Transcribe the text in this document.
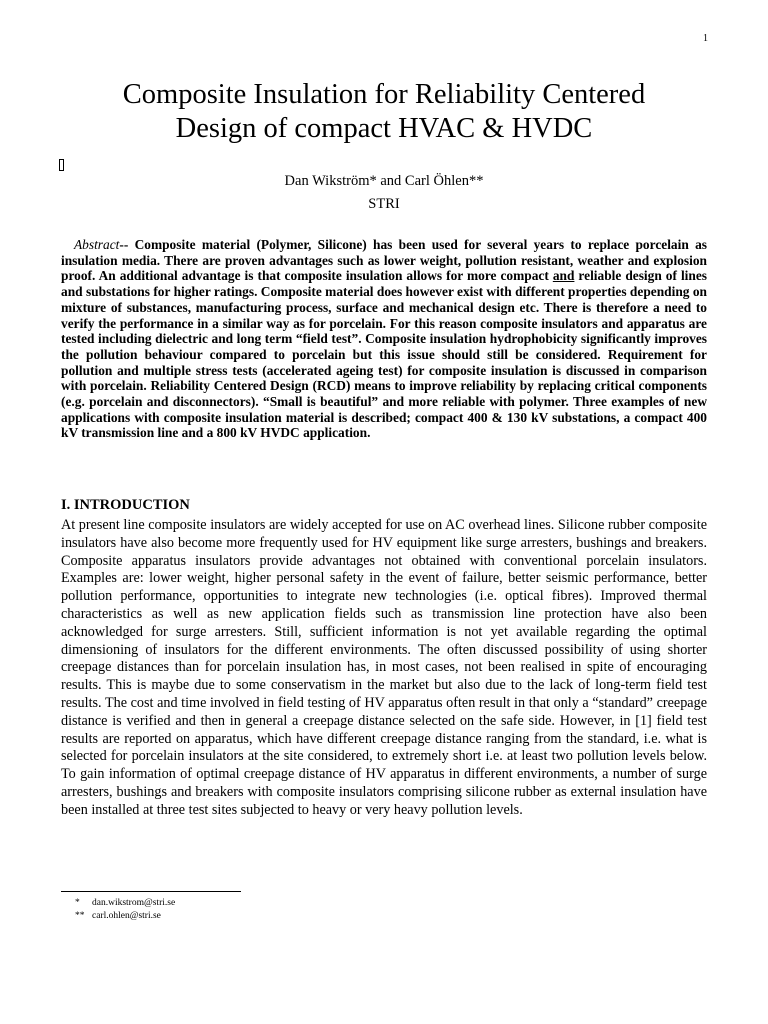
1
Composite Insulation for Reliability Centered
Design of compact HVAC & HVDC
Dan Wikström* and Carl Öhlen**
STRI

Abstract-- Composite material (Polymer, Silicone) has been used for several years to replace porcelain as insulation media. There are proven advantages such as lower weight, pollution resistant, weather and explosion proof. An additional advantage is that composite insulation allows for more compact and reliable design of lines and substations for higher ratings. Composite material does however exist with different properties depending on mixture of substances, manufacturing process, surface and mechanical design etc. There is therefore a need to verify the performance in a similar way as for porcelain. For this reason composite insulators and apparatus are tested including dielectric and long term “field test”. Composite insulation hydrophobicity significantly improves the pollution behaviour compared to porcelain but this issue should still be considered. Requirement for pollution and multiple stress tests (accelerated ageing test) for composite insulation is discussed in comparison with porcelain. Reliability Centered Design (RCD) means to improve reliability by replacing critical components (e.g. porcelain and disconnectors). “Small is beautiful” and more reliable with polymer. Three examples of new applications with composite insulation material is described; compact 400 & 130 kV substations, a compact 400 kV transmission line and a 800 kV HVDC application.

I. INTRODUCTION

At present line composite insulators are widely accepted for use on AC overhead lines. Silicone rubber composite insulators have also become more frequently used for HV equipment like surge arresters, bushings and breakers. Composite apparatus insulators provide advantages not obtained with conventional porcelain insulators. Examples are: lower weight, higher personal safety in the event of failure, better seismic performance, better pollution performance, opportunities to integrate new technologies (i.e. optical fibres). Improved thermal characteristics as well as new application fields such as transmission line protection have also been acknowledged for surge arresters. Still, sufficient information is not yet available regarding the optimal dimensioning of insulators for the different environments. The often discussed possibility of using shorter creepage distances than for porcelain insulation has, in most cases, not been realised in spite of encouraging results. This is maybe due to some conservatism in the market but also due to the lack of long-term field test results. The cost and time involved in field testing of HV apparatus often result in that only a “standard” creepage distance is verified and then in general a creepage distance selected on the safe side. However, in [1] field test results are reported on apparatus, which have different creepage distance ranging from the standard, i.e. what is selected for porcelain insulators at the site considered, to extremely short i.e. at least two pollution levels below. To gain information of optimal creepage distance of HV apparatus in different environments, a number of surge arresters, bushings and breakers with composite insulators comprising silicone rubber as external insulation have been installed at three test sites subjected to heavy or very heavy pollution levels.

*	dan.wikstrom@stri.se
** carl.ohlen@stri.se
